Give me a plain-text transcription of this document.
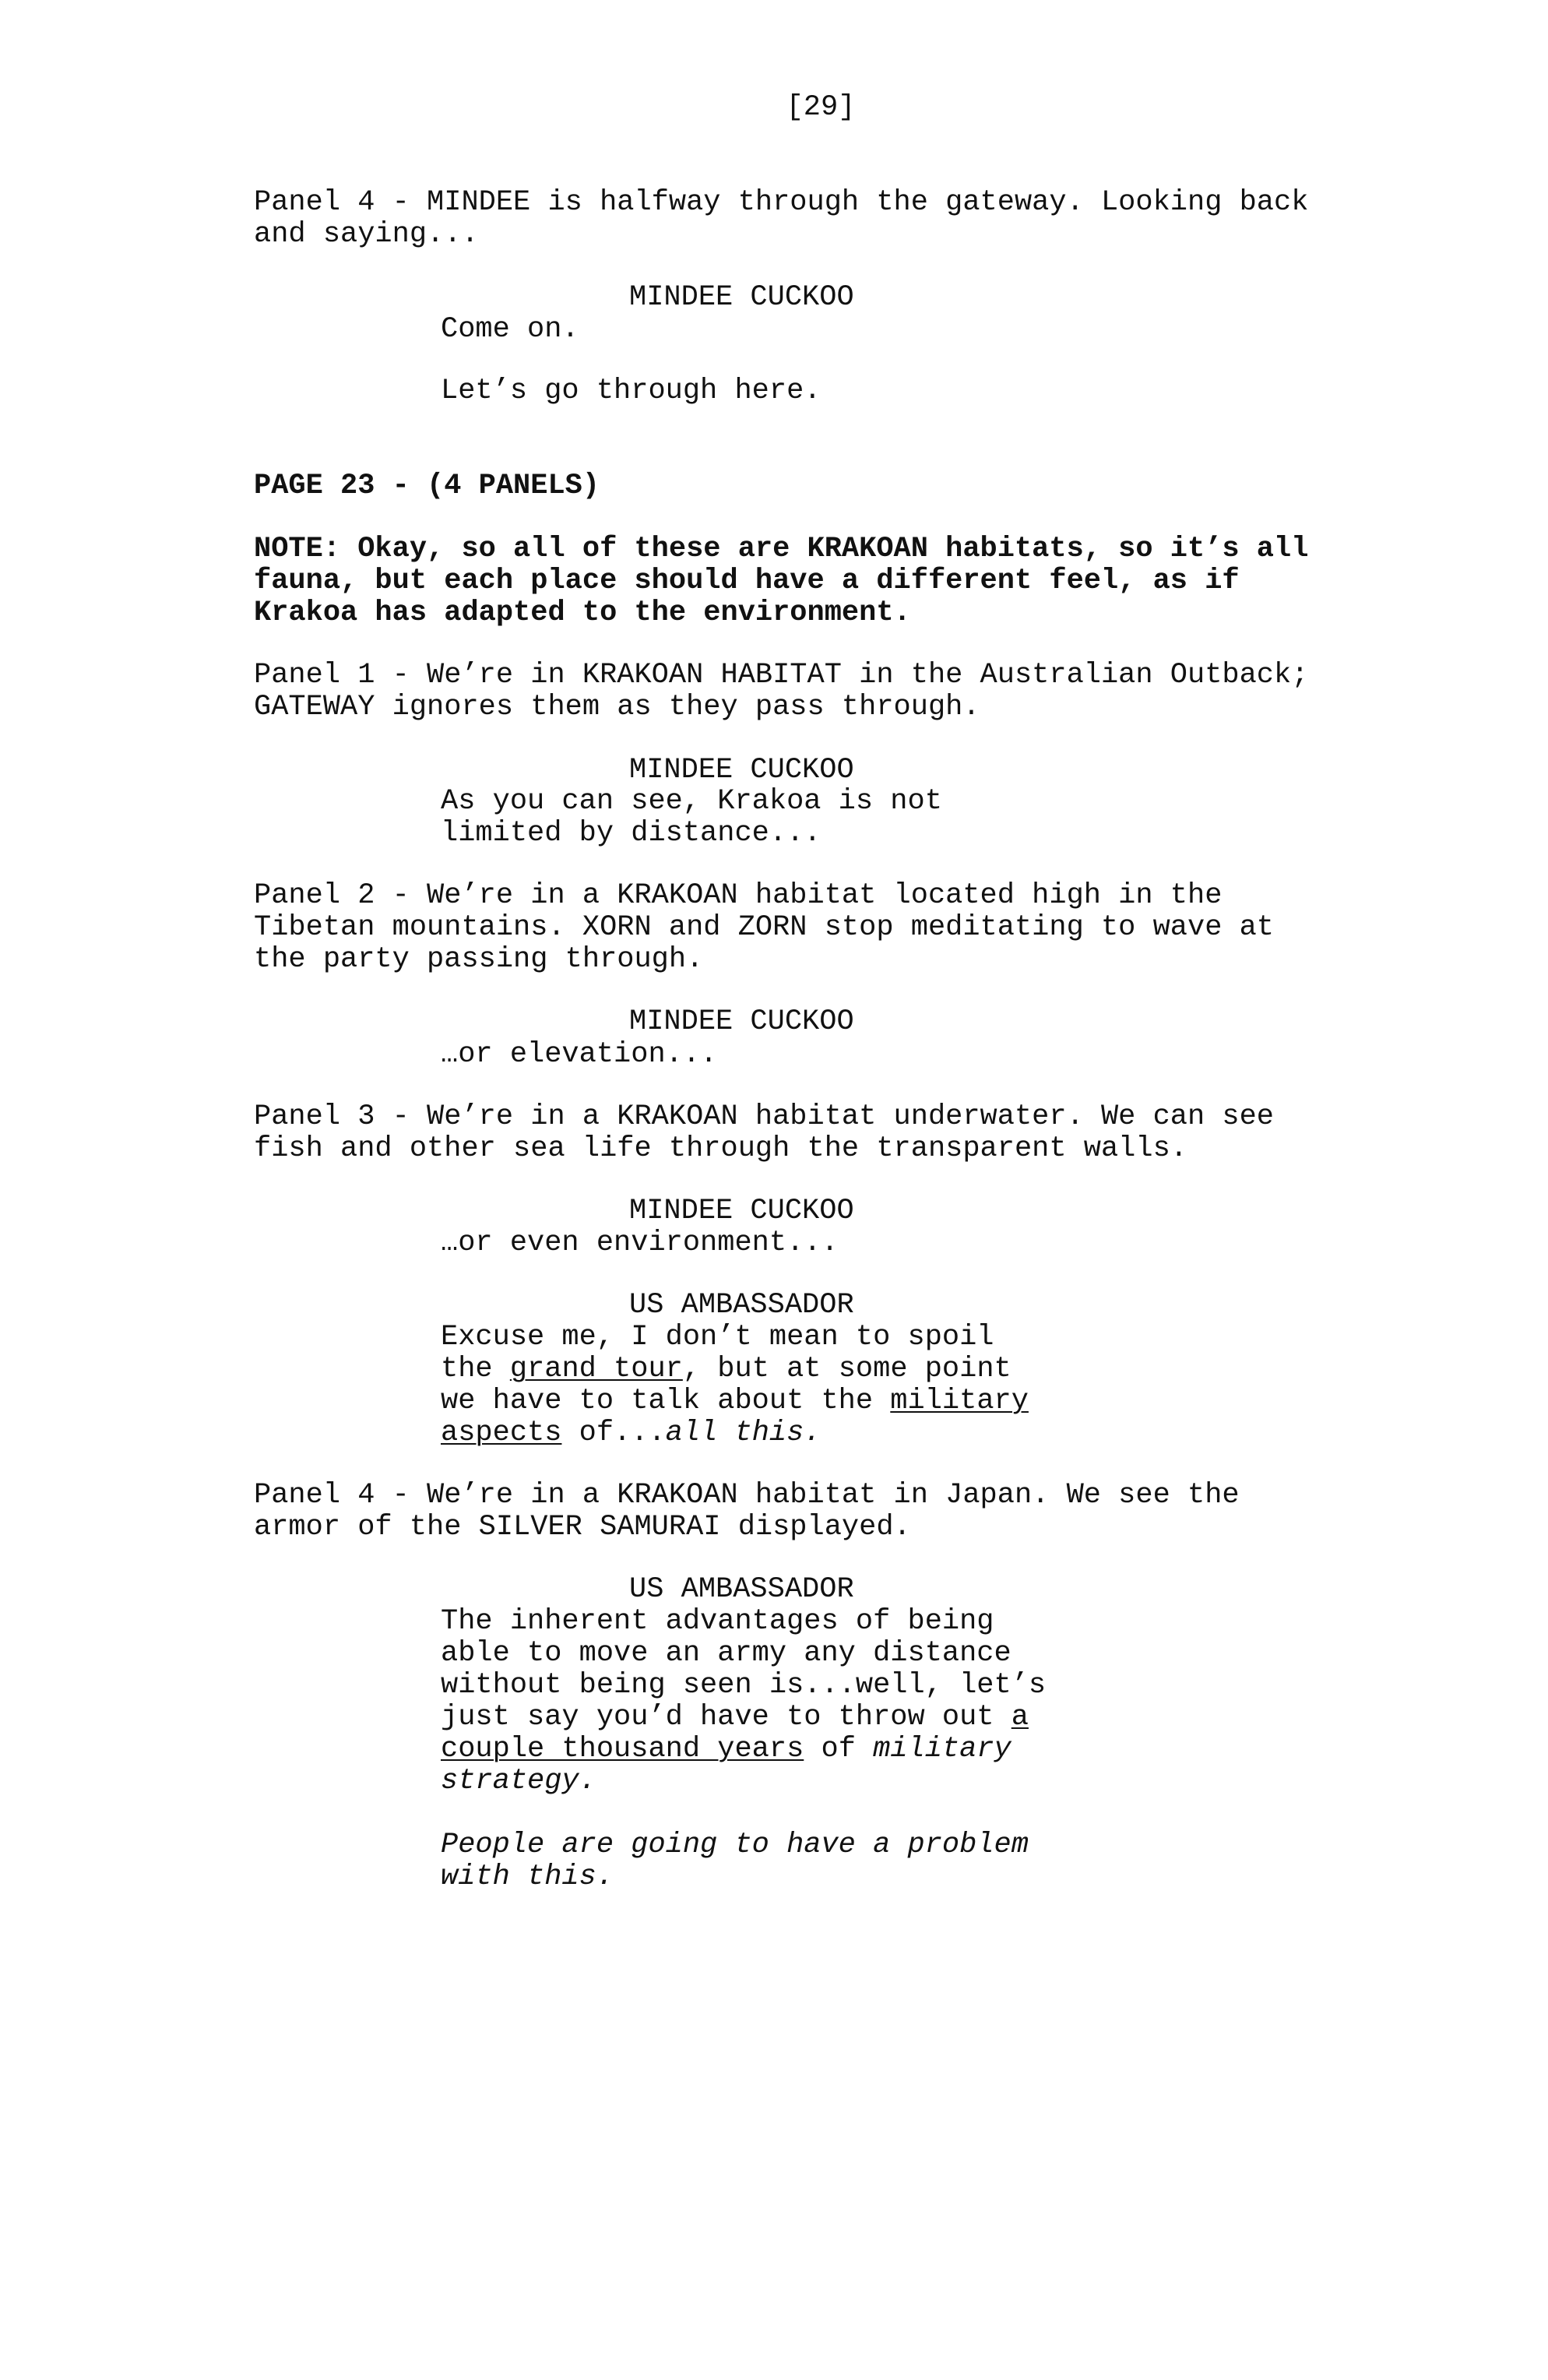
[29]
Panel 4 - MINDEE is halfway through the gateway. Looking back
and saying...
MINDEE CUCKOO
Come on.
Let’s go through here.
PAGE 23 - (4 PANELS)
NOTE: Okay, so all of these are KRAKOAN habitats, so it’s all
fauna, but each place should have a different feel, as if
Krakoa has adapted to the environment.
Panel 1 - We’re in KRAKOAN HABITAT in the Australian Outback;
GATEWAY ignores them as they pass through.
MINDEE CUCKOO
As you can see, Krakoa is not
limited by distance...
Panel 2 - We’re in a KRAKOAN habitat located high in the
Tibetan mountains. XORN and ZORN stop meditating to wave at
the party passing through.
MINDEE CUCKOO
…or elevation...
Panel 3 - We’re in a KRAKOAN habitat underwater. We can see
fish and other sea life through the transparent walls.
MINDEE CUCKOO
…or even environment...
US AMBASSADOR
Excuse me, I don’t mean to spoil
the grand tour, but at some point
we have to talk about the military
aspects of...all this.
Panel 4 - We’re in a KRAKOAN habitat in Japan. We see the
armor of the SILVER SAMURAI displayed.
US AMBASSADOR
The inherent advantages of being
able to move an army any distance
without being seen is...well, let’s
just say you’d have to throw out a
couple thousand years of military
strategy.
People are going to have a problem
with this.
